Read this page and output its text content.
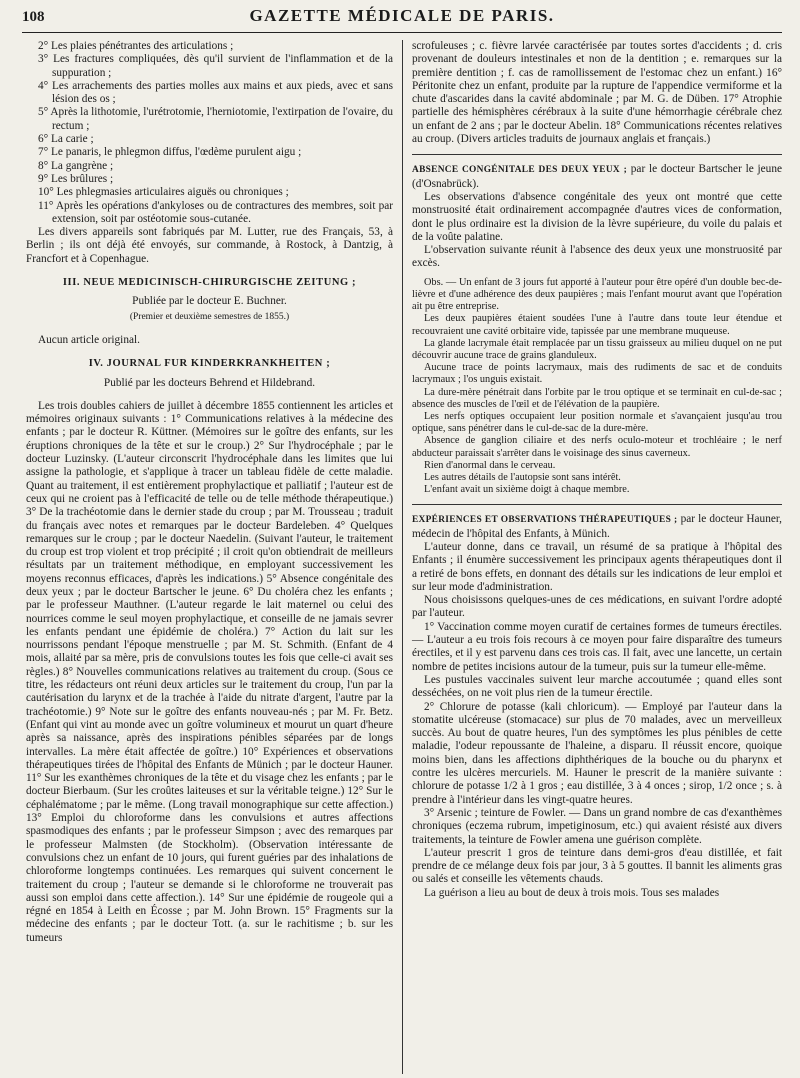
108	GAZETTE MÉDICALE DE PARIS.

2° Les plaies pénétrantes des articulations ;

3° Les fractures compliquées, dès qu'il survient de l'inflammation et de la suppuration ;

4° Les arrachements des parties molles aux mains et aux pieds, avec et sans lésion des os ;

5° Après la lithotomie, l'urétrotomie, l'herniotomie, l'extirpation de l'ovaire, du rectum ;

6° La carie ;

7° Le panaris, le phlegmon diffus, l'œdème purulent aigu ;

8° La gangrène ;

9° Les brûlures ;

10° Les phlegmasies articulaires aiguës ou chroniques ;

11° Après les opérations d'ankyloses ou de contractures des membres, soit par extension, soit par ostéotomie sous-cutanée.

Les divers appareils sont fabriqués par M. Lutter, rue des Français, 53, à Berlin ; ils ont déjà été envoyés, sur commande, à Rostock, à Dantzig, à Francfort et à Copenhague.

III. NEUE MEDICINISCH-CHIRURGISCHE ZEITUNG ;
Publiée par le docteur E. Buchner.
(Premier et deuxième semestres de 1855.)

Aucun article original.

IV. JOURNAL FUR KINDERKRANKHEITEN ;
Publié par les docteurs Behrend et Hildebrand.

Les trois doubles cahiers de juillet à décembre 1855 contiennent les articles et mémoires originaux suivants : 1° Communications relatives à la médecine des enfants ; par le docteur R. Küttner. (Mémoires sur le goître des enfants, sur les éruptions chroniques de la tête et sur le croup.) 2° Sur l'hydrocéphale ; par le docteur Luzinsky. (L'auteur circonscrit l'hydrocéphale dans les limites que lui assigne la pathologie, et s'applique à tracer un tableau fidèle de cette maladie. Quant au traitement, il est entièrement prophylactique et palliatif ; l'auteur est de ceux qui ne croient pas à l'efficacité de telle ou de telle méthode thérapeutique.) 3° De la trachéotomie dans le dernier stade du croup ; par M. Trousseau ; traduit du français avec notes et remarques par le docteur Bardeleben. 4° Quelques remarques sur le croup ; par le docteur Naedelin. (Suivant l'auteur, le traitement du croup est trop violent et trop précipité ; il croit qu'on obtiendrait de meilleurs résultats par un traitement méthodique, en employant successivement les moyens reconnus efficaces, d'après les indications.) 5° Absence congénitale des deux yeux ; par le docteur Bartscher le jeune. 6° Du choléra chez les enfants ; par le professeur Mauthner. (L'auteur regarde le lait maternel ou celui des nourrices comme le seul moyen prophylactique, et conseille de ne jamais sevrer les enfants pendant une épidémie de choléra.) 7° Action du lait sur les nourrissons pendant l'époque menstruelle ; par M. St. Schmith. (Enfant de 4 mois, allaité par sa mère, pris de convulsions toutes les fois que celle-ci avait ses règles.) 8° Nouvelles communications relatives au traitement du croup. (Sous ce titre, les rédacteurs ont réuni deux articles sur le traitement du croup, l'un par la cautérisation du larynx et de la trachée à l'aide du nitrate d'argent, l'autre par la trachéotomie.) 9° Note sur le goître des enfants nouveau-nés ; par M. Fr. Betz. (Enfant qui vint au monde avec un goître volumineux et mourut un quart d'heure après sa naissance, après des inspirations pénibles séparées par de longs intervalles. La mère était affectée de goître.) 10° Expériences et observations thérapeutiques tirées de l'hôpital des Enfants de Münich ; par le docteur Hauner. 11° Sur les exanthèmes chroniques de la tête et du visage chez les enfants ; par le docteur Bierbaum. (Sur les croûtes laiteuses et sur la véritable teigne.) 12° Sur le céphalématome ; par le même. (Long travail monographique sur cette affection.) 13° Emploi du chloroforme dans les convulsions et autres affections spasmodiques des enfants ; par le professeur Simpson ; avec des remarques par le professeur Malmsten (de Stockholm). (Observation intéressante de convulsions chez un enfant de 10 jours, qui furent guéries par des inhalations de chloroforme longtemps continuées. Les remarques qui suivent concernent le traitement du croup ; l'auteur se demande si le chloroforme ne trouverait pas aussi son emploi dans cette affection.). 14° Sur une épidémie de rougeole qui a régné en 1854 à Leith en Écosse ; par M. John Brown. 15° Fragments sur la médecine des enfants ; par le docteur Tott. (a. sur le rachitisme ; b. sur les tumeurs

scrofuleuses ; c. fièvre larvée caractérisée par toutes sortes d'accidents ; d. cris provenant de douleurs intestinales et non de la dentition ; e. remarques sur la première dentition ; f. cas de ramollissement de l'estomac chez un enfant.) 16° Péritonite chez un enfant, produite par la rupture de l'appendice vermiforme et la chute d'ascarides dans la cavité abdominale ; par M. G. de Düben. 17° Atrophie partielle des hémisphères cérébraux à la suite d'une hémorrhagie cérébrale chez un enfant de 2 ans ; par le docteur Abelin. 18° Communications récentes relatives au croup. (Divers articles traduits de journaux anglais et français.)

ABSENCE CONGÉNITALE DES DEUX YEUX ; par le docteur Bartscher le jeune (d'Osnabrück).

Les observations d'absence congénitale des yeux ont montré que cette monstruosité était ordinairement accompagnée d'autres vices de conformation, dont le plus ordinaire est la division de la lèvre supérieure, du voile du palais et de la voûte palatine.

L'observation suivante réunit à l'absence des deux yeux une monstruosité par excès.

Obs. — Un enfant de 3 jours fut apporté à l'auteur pour être opéré d'un double bec-de-lièvre et d'une adhérence des deux paupières ; mais l'enfant mourut avant que l'opération ait pu être entreprise.

Les deux paupières étaient soudées l'une à l'autre dans toute leur étendue et recouvraient une cavité orbitaire vide, tapissée par une membrane muqueuse.

La glande lacrymale était remplacée par un tissu graisseux au milieu duquel on ne put découvrir aucune trace de grains glanduleux.

Aucune trace de points lacrymaux, mais des rudiments de sac et de conduits lacrymaux ; l'os unguis existait.

La dure-mère pénétrait dans l'orbite par le trou optique et se terminait en cul-de-sac ; absence des muscles de l'œil et de l'élévation de la paupière.

Les nerfs optiques occupaient leur position normale et s'avançaient jusqu'au trou optique, sans pénétrer dans le cul-de-sac de la dure-mère.

Absence de ganglion ciliaire et des nerfs oculo-moteur et trochléaire ; le nerf abducteur paraissait s'arrêter dans le voisinage des sinus caverneux.

Rien d'anormal dans le cerveau.

Les autres détails de l'autopsie sont sans intérêt.

L'enfant avait un sixième doigt à chaque membre.

EXPÉRIENCES ET OBSERVATIONS THÉRAPEUTIQUES ; par le docteur Hauner, médecin de l'hôpital des Enfants, à Münich.

L'auteur donne, dans ce travail, un résumé de sa pratique à l'hôpital des Enfants ; il énumère successivement les principaux agents thérapeutiques dont il a retiré de bons effets, en donnant des détails sur les indications de leur emploi et sur leur mode d'administration.

Nous choisissons quelques-unes de ces médications, en suivant l'ordre adopté par l'auteur.

1° Vaccination comme moyen curatif de certaines formes de tumeurs érectiles. — L'auteur a eu trois fois recours à ce moyen pour faire disparaître des tumeurs érectiles, et il y est parvenu dans ces trois cas. Il fait, avec une lancette, un certain nombre de petites incisions autour de la tumeur, puis sur la tumeur elle-même.

Les pustules vaccinales suivent leur marche accoutumée ; quand elles sont desséchées, on ne voit plus rien de la tumeur érectile.

2° Chlorure de potasse (kali chloricum). — Employé par l'auteur dans la stomatite ulcéreuse (stomacace) sur plus de 70 malades, avec un merveilleux succès. Au bout de quatre heures, l'un des symptômes les plus pénibles de cette maladie, l'odeur repoussante de l'haleine, a disparu. Il réussit encore, quoique moins bien, dans les affections diphthériques de la bouche ou du pharynx et contre les ulcères mercuriels. M. Hauner le prescrit de la manière suivante : chlorure de potasse 1/2 à 1 gros ; eau distillée, 3 à 4 onces ; sirop, 1/2 once ; s. à prendre à l'intérieur dans les vingt-quatre heures.

3° Arsenic ; teinture de Fowler. — Dans un grand nombre de cas d'exanthèmes chroniques (eczema rubrum, impetiginosum, etc.) qui avaient résisté aux divers traitements, la teinture de Fowler amena une guérison complète.

L'auteur prescrit 1 gros de teinture dans demi-gros d'eau distillée, et fait prendre de ce mélange deux fois par jour, 3 à 5 gouttes. Il bannit les aliments gras ou salés et conseille les vêtements chauds.

La guérison a lieu au bout de deux à trois mois. Tous ses malades
